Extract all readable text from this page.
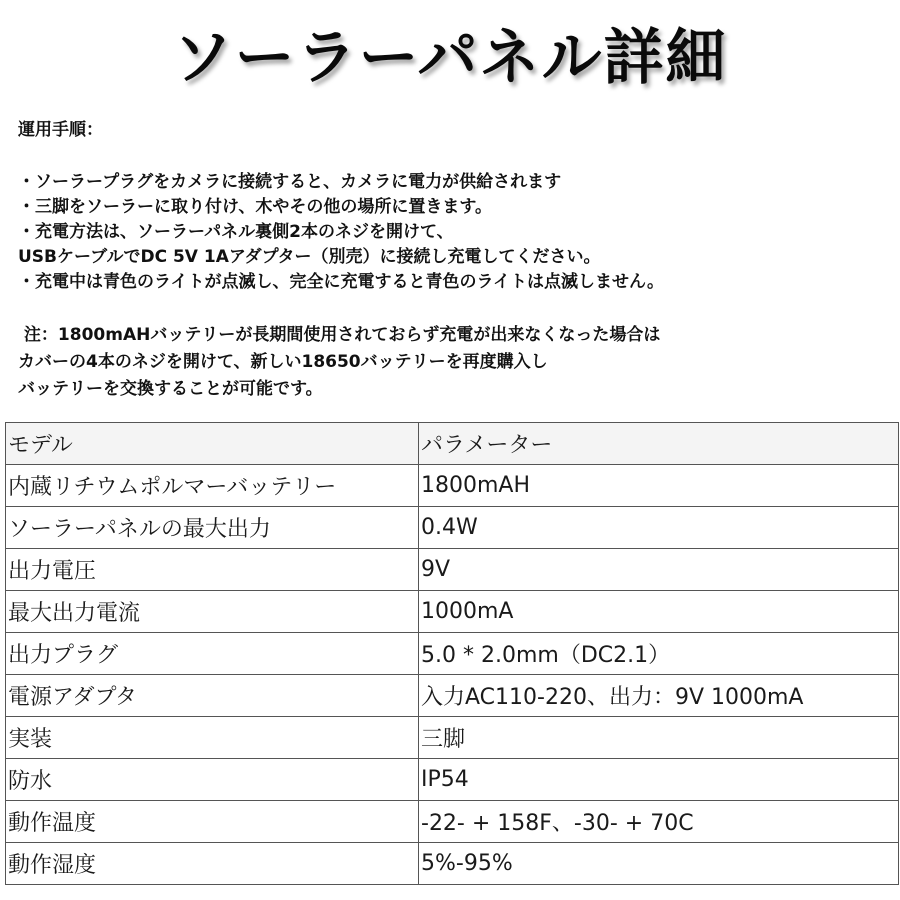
ソーラーパネル詳細
運用手順：
・ソーラープラグをカメラに接続すると、カメラに電力が供給されます
・三脚をソーラーに取り付け、木やその他の場所に置きます。
・充電方法は、ソーラーパネル裏側2本のネジを開けて、
USBケーブルでDC 5V 1Aアダプター（別売）に接続し充電してください。
・充電中は青色のライトが点滅し、完全に充電すると青色のライトは点滅しません。
注：1800mAHバッテリーが長期間使用されておらず充電が出来なくなった場合は
カバーの4本のネジを開けて、新しい18650バッテリーを再度購入し
バッテリーを交換することが可能です。
モデル	パラメーター
内蔵リチウムポルマーバッテリー	1800mAH
ソーラーパネルの最大出力	0.4W
出力電圧	9V
最大出力電流	1000mA
出力プラグ	5.0 * 2.0mm（DC2.1）
電源アダプタ	入力AC110-220、出力：9V 1000mA
実装	三脚
防水	IP54
動作温度	-22- + 158F、-30- + 70C
動作湿度	5%-95%
